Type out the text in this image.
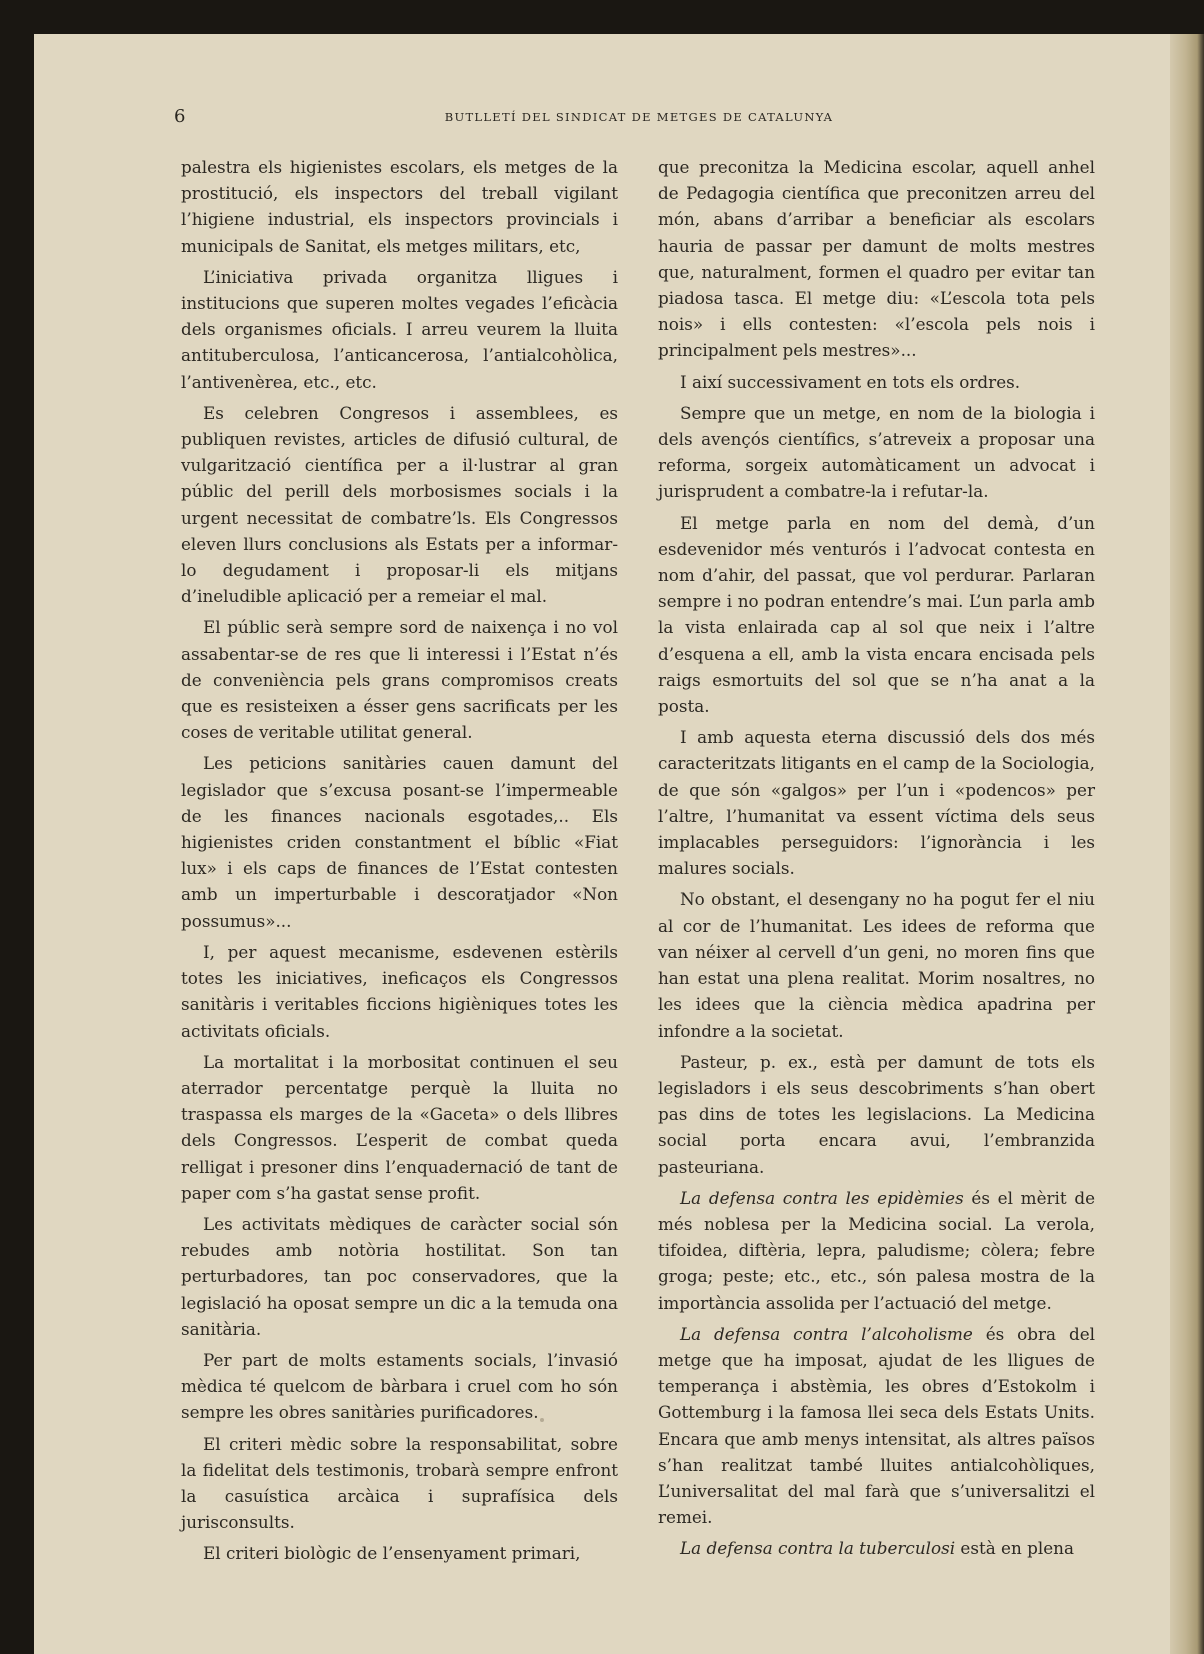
6	BUTLLETÍ DEL SINDICAT DE METGES DE CATALUNYA

palestra els higienistes escolars, els metges de la prostitució, els inspectors del treball vigilant l’higiene industrial, els inspectors provincials i municipals de Sanitat, els metges militars, etc,

L’iniciativa privada organitza lligues i institucions que superen moltes vegades l’eficàcia dels organismes oficials. I arreu veurem la lluita antituberculosa, l’anticancerosa, l’antialcohòlica, l’antivenèrea, etc., etc.

Es celebren Congresos i assemblees, es publiquen revistes, articles de difusió cultural, de vulgarització científica per a il·lustrar al gran públic del perill dels morbosismes socials i la urgent necessitat de combatre’ls. Els Congressos eleven llurs conclusions als Estats per a informar-lo degudament i proposar-li els mitjans d’ineludible aplicació per a remeiar el mal.

El públic serà sempre sord de naixença i no vol assabentar-se de res que li interessi i l’Estat n’és de conveniència pels grans compromisos creats que es resisteixen a ésser gens sacrificats per les coses de veritable utilitat general.

Les peticions sanitàries cauen damunt del legislador que s’excusa posant-se l’impermeable de les finances nacionals esgotades,.. Els higienistes criden constantment el bíblic «Fiat lux» i els caps de finances de l’Estat contesten amb un imperturbable i descoratjador «Non possumus»...

I, per aquest mecanisme, esdevenen estèrils totes les iniciatives, ineficaços els Congressos sanitàris i veritables ficcions higièniques totes les activitats oficials.

La mortalitat i la morbositat continuen el seu aterrador percentatge perquè la lluita no traspassa els marges de la «Gaceta» o dels llibres dels Congressos. L’esperit de combat queda relligat i presoner dins l’enquadernació de tant de paper com s’ha gastat sense profit.

Les activitats mèdiques de caràcter social són rebudes amb notòria hostilitat. Son tan perturbadores, tan poc conservadores, que la legislació ha oposat sempre un dic a la temuda ona sanitària.

Per part de molts estaments socials, l’invasió mèdica té quelcom de bàrbara i cruel com ho són sempre les obres sanitàries purificadores.

El criteri mèdic sobre la responsabilitat, sobre la fidelitat dels testimonis, trobarà sempre enfront la casuística arcàica i suprafísica dels jurisconsults.

El criteri biològic de l’ensenyament primari,

que preconitza la Medicina escolar, aquell anhel de Pedagogia científica que preconitzen arreu del món, abans d’arribar a beneficiar als escolars hauria de passar per damunt de molts mestres que, naturalment, formen el quadro per evitar tan piadosa tasca. El metge diu: «L’escola tota pels nois» i ells contesten: «l’escola pels nois i principalment pels mestres»...

I així successivament en tots els ordres.

Sempre que un metge, en nom de la biologia i dels avençós científics, s’atreveix a proposar una reforma, sorgeix automàticament un advocat i jurisprudent a combatre-la i refutar-la.

El metge parla en nom del demà, d’un esdevenidor més venturós i l’advocat contesta en nom d’ahir, del passat, que vol perdurar. Parlaran sempre i no podran entendre’s mai. L’un parla amb la vista enlairada cap al sol que neix i l’altre d’esquena a ell, amb la vista encara encisada pels raigs esmortuits del sol que se n’ha anat a la posta.

I amb aquesta eterna discussió dels dos més caracteritzats litigants en el camp de la Sociologia, de que són «galgos» per l’un i «podencos» per l’altre, l’humanitat va essent víctima dels seus implacables perseguidors: l’ignorància i les malures socials.

No obstant, el desengany no ha pogut fer el niu al cor de l’humanitat. Les idees de reforma que van néixer al cervell d’un geni, no moren fins que han estat una plena realitat. Morim nosaltres, no les idees que la ciència mèdica apadrina per infondre a la societat.

Pasteur, p. ex., està per damunt de tots els legisladors i els seus descobriments s’han obert pas dins de totes les legislacions. La Medicina social porta encara avui, l’embranzida pasteuriana.

La defensa contra les epidèmies és el mèrit de més noblesa per la Medicina social. La verola, tifoidea, diftèria, lepra, paludisme; còlera; febre groga; peste; etc., etc., són palesa mostra de la importància assolida per l’actuació del metge.

La defensa contra l’alcoholisme és obra del metge que ha imposat, ajudat de les lligues de temperança i abstèmia, les obres d’Estokolm i Gottemburg i la famosa llei seca dels Estats Units. Encara que amb menys intensitat, als altres països s’han realitzat també lluites antialcohòliques, L’universalitat del mal farà que s’universalitzi el remei.

La defensa contra la tuberculosi està en plena
